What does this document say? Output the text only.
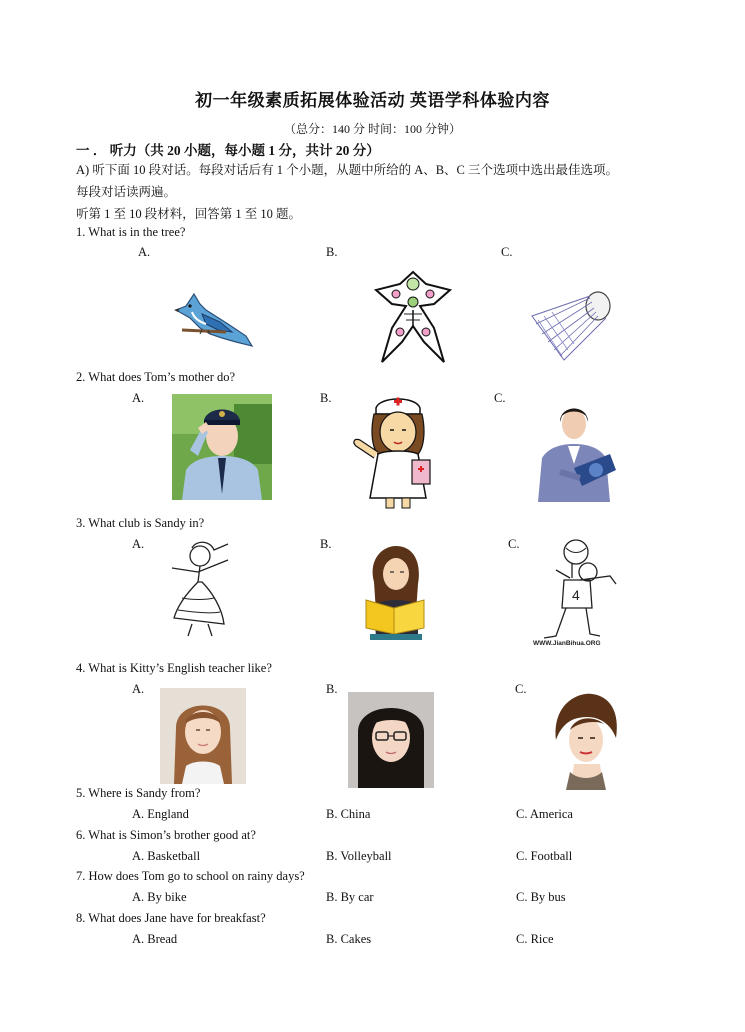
初一年级素质拓展体验活动 英语学科体验内容
（总分：140 分 时间：100 分钟）
一 ． 听力（共 20 小题，每小题 1 分，共计 20 分）
A) 听下面 10 段对话。每段对话后有 1 个小题，从题中所给的 A、B、C 三个选项中选出最佳选项。
每段对话读两遍。
听第 1 至 10 段材料，回答第 1 至 10 题。
1. What is in the tree?
A.	B.	C.
2. What does Tom’s mother do?
A.	B.	C.
3. What club is Sandy in?
A.	B.	C.
4
WWW.JianBihua.ORG
4. What is Kitty’s English teacher like?
A.	B.	C.
5. Where is Sandy from?
A. England	B. China	C. America
6. What is Simon’s brother good at?
A. Basketball	B. Volleyball	C. Football
7. How does Tom go to school on rainy days?
A. By bike	B. By car	C. By bus
8. What does Jane have for breakfast?
A. Bread	B. Cakes	C. Rice
